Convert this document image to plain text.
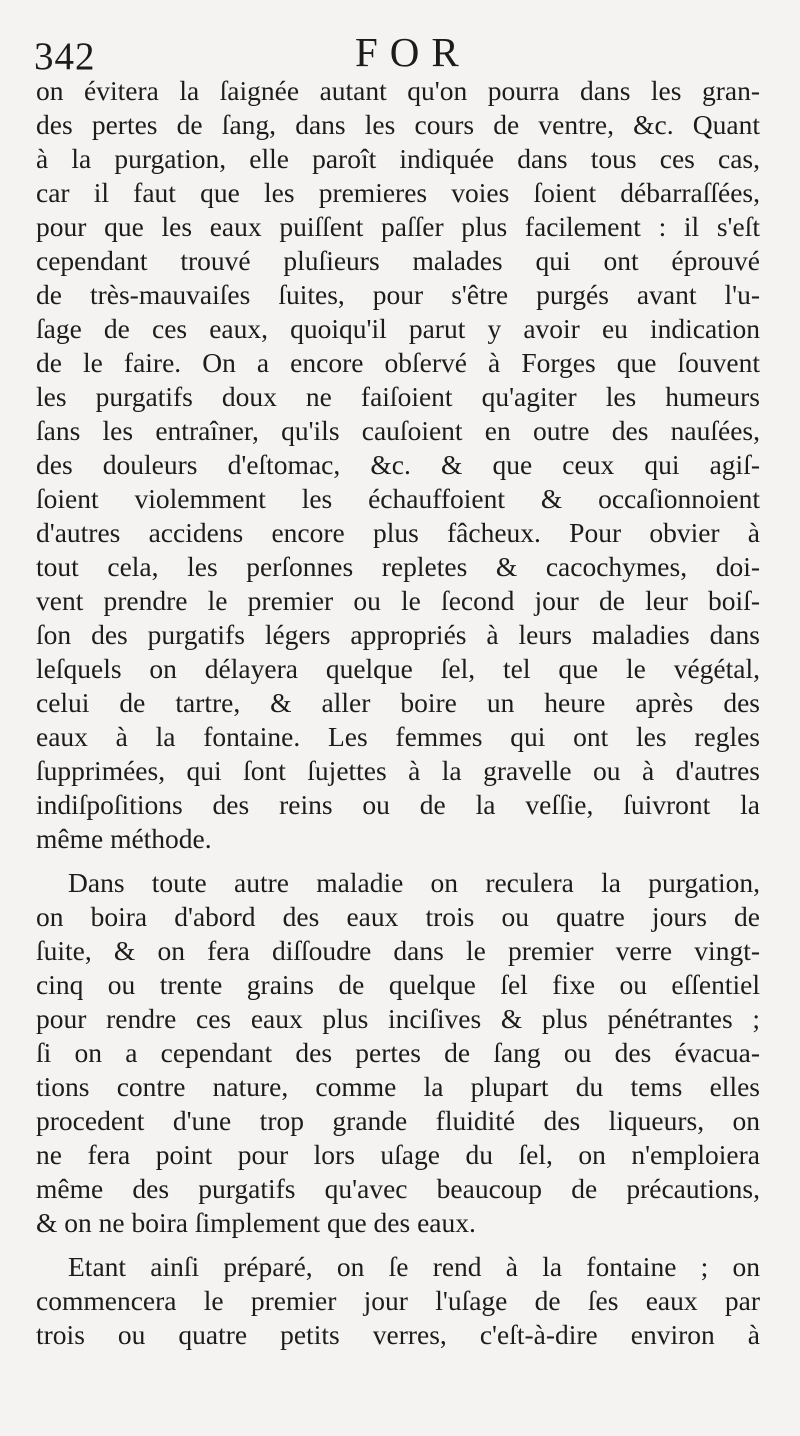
342	FOR
on évitera la ſaignée autant qu'on pourra dans les gran-
des pertes de ſang, dans les cours de ventre, &c. Quant
à la purgation, elle paroît indiquée dans tous ces cas,
car il faut que les premieres voies ſoient débarraſſées,
pour que les eaux puiſſent paſſer plus facilement : il s'eſt
cependant trouvé pluſieurs malades qui ont éprouvé
de très-mauvaiſes ſuites, pour s'être purgés avant l'u-
ſage de ces eaux, quoiqu'il parut y avoir eu indication
de le faire. On a encore obſervé à Forges que ſouvent
les purgatifs doux ne faiſoient qu'agiter les humeurs
ſans les entraîner, qu'ils cauſoient en outre des nauſées,
des douleurs d'eſtomac, &c. & que ceux qui agiſ-
ſoient violemment les échauffoient & occaſionnoient
d'autres accidens encore plus fâcheux. Pour obvier à
tout cela, les perſonnes repletes & cacochymes, doi-
vent prendre le premier ou le ſecond jour de leur boiſ-
ſon des purgatifs légers appropriés à leurs maladies dans
leſquels on délayera quelque ſel, tel que le végétal,
celui de tartre, & aller boire un heure après des
eaux à la fontaine. Les femmes qui ont les regles
ſupprimées, qui ſont ſujettes à la gravelle ou à d'autres
indiſpoſitions des reins ou de la veſſie, ſuivront la
même méthode.
Dans toute autre maladie on reculera la purgation,
on boira d'abord des eaux trois ou quatre jours de
ſuite, & on fera diſſoudre dans le premier verre vingt-
cinq ou trente grains de quelque ſel fixe ou eſſentiel
pour rendre ces eaux plus inciſives & plus pénétrantes ;
ſi on a cependant des pertes de ſang ou des évacua-
tions contre nature, comme la plupart du tems elles
procedent d'une trop grande fluidité des liqueurs, on
ne fera point pour lors uſage du ſel, on n'emploiera
même des purgatifs qu'avec beaucoup de précautions,
& on ne boira ſimplement que des eaux.
Etant ainſi préparé, on ſe rend à la fontaine ; on
commencera le premier jour l'uſage de ſes eaux par
trois ou quatre petits verres, c'eſt-à-dire environ à
